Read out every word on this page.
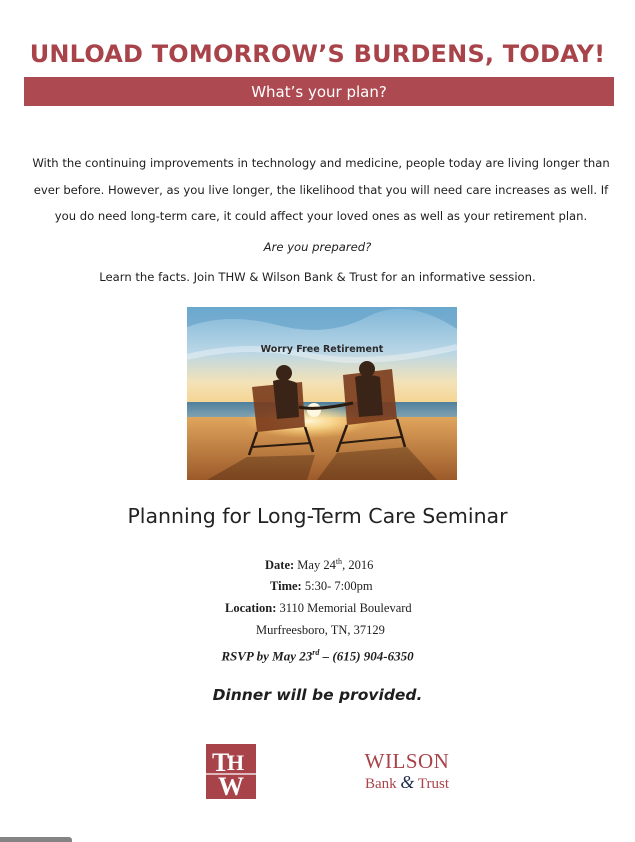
UNLOAD TOMORROW’S BURDENS, TODAY!
What’s your plan?
With the continuing improvements in technology and medicine, people today are living longer than ever before. However, as you live longer, the likelihood that you will need care increases as well. If you do need long-term care, it could affect your loved ones as well as your retirement plan.
Are you prepared?
Learn the facts. Join THW & Wilson Bank & Trust for an informative session.
Worry Free Retirement
Planning for Long-Term Care Seminar
Date: May 24th, 2016
Time: 5:30- 7:00pm
Location: 3110 Memorial Boulevard
Murfreesboro, TN, 37129
RSVP by May 23rd – (615) 904-6350
Dinner will be provided.
T
H
W
WILSON
Bank & Trust
